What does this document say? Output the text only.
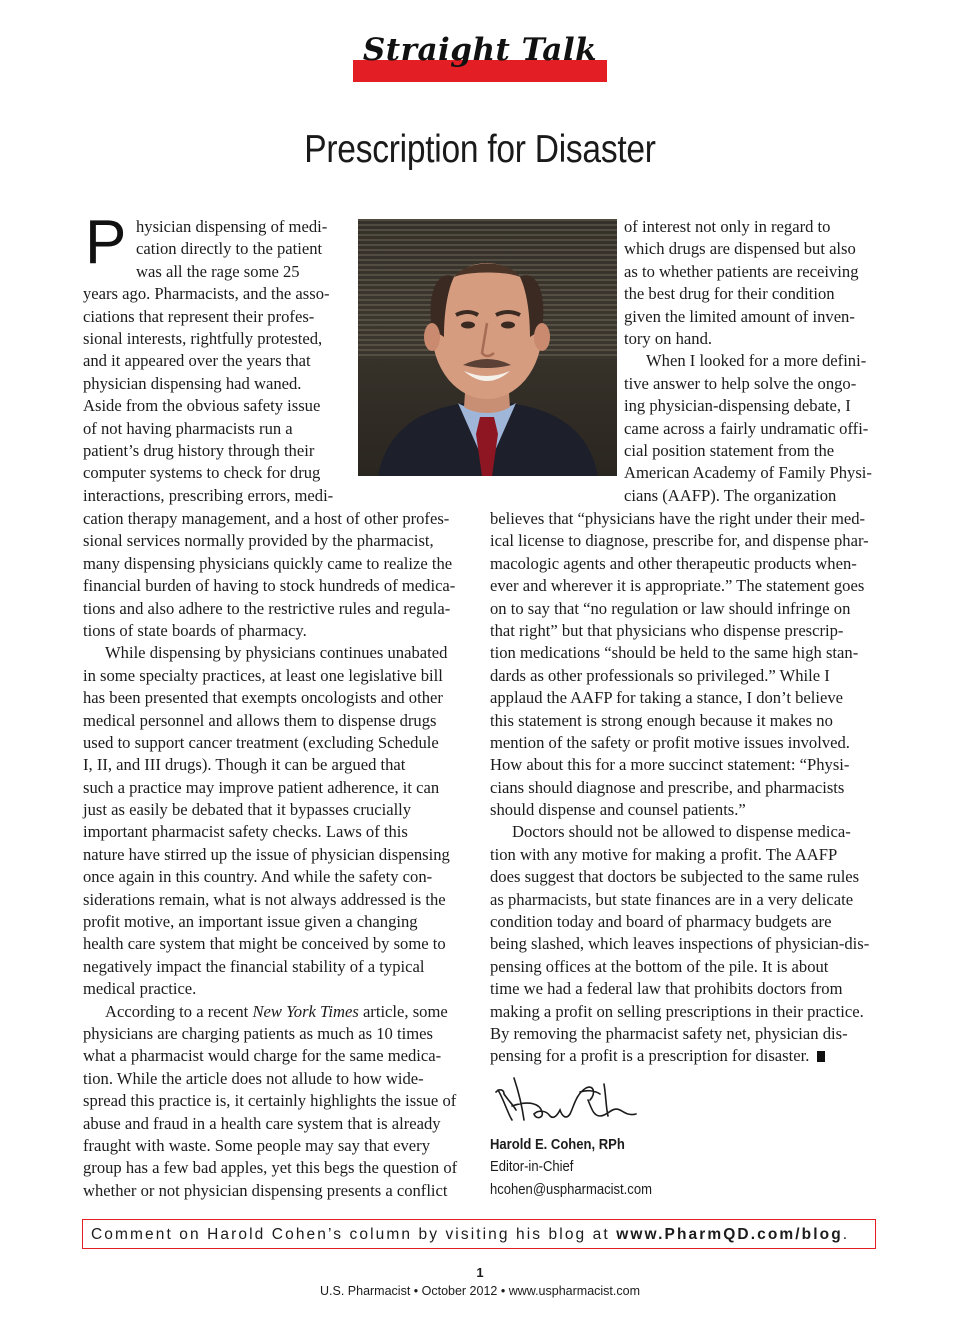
Straight Talk
Prescription for Disaster
P hysician dispensing of medi-
cation directly to the patient
was all the rage some 25
years ago. Pharmacists, and the asso-
ciations that represent their profes-
sional interests, rightfully protested,
and it appeared over the years that
physician dispensing had waned.
Aside from the obvious safety issue
of not having pharmacists run a
patient’s drug history through their
computer systems to check for drug
interactions, prescribing errors, medi-
of interest not only in regard to
which drugs are dispensed but also
as to whether patients are receiving
the best drug for their condition
given the limited amount of inven-
tory on hand.
When I looked for a more defini-
tive answer to help solve the ongo-
ing physician-dispensing debate, I
came across a fairly undramatic offi-
cial position statement from the
American Academy of Family Physi-
cians (AAFP). The organization
cation therapy management, and a host of other profes-
sional services normally provided by the pharmacist,
many dispensing physicians quickly came to realize the
financial burden of having to stock hundreds of medica-
tions and also adhere to the restrictive rules and regula-
tions of state boards of pharmacy.
While dispensing by physicians continues unabated
in some specialty practices, at least one legislative bill
has been presented that exempts oncologists and other
medical personnel and allows them to dispense drugs
used to support cancer treatment (excluding Schedule
I, II, and III drugs). Though it can be argued that
such a practice may improve patient adherence, it can
just as easily be debated that it bypasses crucially
important pharmacist safety checks. Laws of this
nature have stirred up the issue of physician dispensing
once again in this country. And while the safety con-
siderations remain, what is not always addressed is the
profit motive, an important issue given a changing
health care system that might be conceived by some to
negatively impact the financial stability of a typical
medical practice.
According to a recent New York Times article, some
physicians are charging patients as much as 10 times
what a pharmacist would charge for the same medica-
tion. While the article does not allude to how wide-
spread this practice is, it certainly highlights the issue of
abuse and fraud in a health care system that is already
fraught with waste. Some people may say that every
group has a few bad apples, yet this begs the question of
whether or not physician dispensing presents a conflict
believes that “physicians have the right under their med-
ical license to diagnose, prescribe for, and dispense phar-
macologic agents and other therapeutic products when-
ever and wherever it is appropriate.” The statement goes
on to say that “no regulation or law should infringe on
that right” but that physicians who dispense prescrip-
tion medications “should be held to the same high stan-
dards as other professionals so privileged.” While I
applaud the AAFP for taking a stance, I don’t believe
this statement is strong enough because it makes no
mention of the safety or profit motive issues involved.
How about this for a more succinct statement: “Physi-
cians should diagnose and prescribe, and pharmacists
should dispense and counsel patients.”
Doctors should not be allowed to dispense medica-
tion with any motive for making a profit. The AAFP
does suggest that doctors be subjected to the same rules
as pharmacists, but state finances are in a very delicate
condition today and board of pharmacy budgets are
being slashed, which leaves inspections of physician-dis-
pensing offices at the bottom of the pile. It is about
time we had a federal law that prohibits doctors from
making a profit on selling prescriptions in their practice.
By removing the pharmacist safety net, physician dis-
pensing for a profit is a prescription for disaster.
Harold E. Cohen, RPh
Editor-in-Chief
hcohen@uspharmacist.com
Comment on Harold Cohen’s column by visiting his blog at www.PharmQD.com/blog.
1
U.S. Pharmacist • October 2012 • www.uspharmacist.com
